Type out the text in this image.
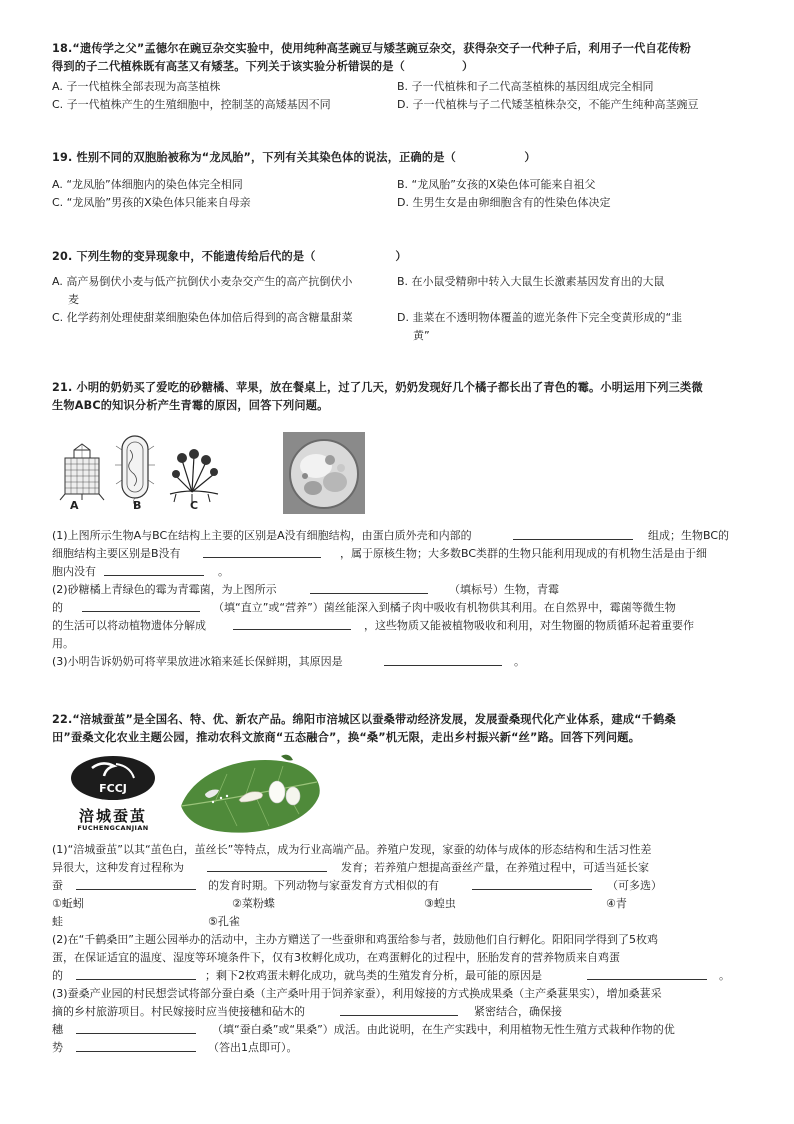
18.“遗传学之父”孟德尔在豌豆杂交实验中，使用纯种高茎豌豆与矮茎豌豆杂交，获得杂交子一代种子后，利用子一代自花传粉
得到的子二代植株既有高茎又有矮茎。下列关于该实验分析错误的是（　　　　　）
A. 子一代植株全部表现为高茎植株	B. 子一代植株和子二代高茎植株的基因组成完全相同
C. 子一代植株产生的生殖细胞中，控制茎的高矮基因不同	D. 子一代植株与子二代矮茎植株杂交，不能产生纯种高茎豌豆
19. 性别不同的双胞胎被称为“龙凤胎”，下列有关其染色体的说法，正确的是（　　　　　　）
A. “龙凤胎”体细胞内的染色体完全相同	B. “龙凤胎”女孩的X染色体可能来自祖父
C. “龙凤胎”男孩的X染色体只能来自母亲	D. 生男生女是由卵细胞含有的性染色体决定
20. 下列生物的变异现象中，不能遗传给后代的是（　　　　　　　）
A. 高产易倒伏小麦与低产抗倒伏小麦杂交产生的高产抗倒伏小
麦
B. 在小鼠受精卵中转入大鼠生长激素基因发育出的大鼠
C. 化学药剂处理使甜菜细胞染色体加倍后得到的高含糖量甜菜	D. 韭菜在不透明物体覆盖的遮光条件下完全变黄形成的“韭
黄”
21. 小明的奶奶买了爱吃的砂糖橘、苹果，放在餐桌上，过了几天，奶奶发现好几个橘子都长出了青色的霉。小明运用下列三类微
生物ABC的知识分析产生青霉的原因，回答下列问题。
A	B	C
(1)上图所示生物A与BC在结构上主要的区别是A没有细胞结构，由蛋白质外壳和内部的	组成；生物BC的
细胞结构主要区别是B没有	，属于原核生物；大多数BC类群的生物只能利用现成的有机物生活是由于细
胞内没有	。
(2)砂糖橘上青绿色的霉为青霉菌，为上图所示	（填标号）生物，青霉
的	（填“直立”或“营养”）菌丝能深入到橘子肉中吸收有机物供其利用。在自然界中，霉菌等微生物
的生活可以将动植物遗体分解成	，这些物质又能被植物吸收和利用，对生物圈的物质循环起着重要作
用。
(3)小明告诉奶奶可将苹果放进冰箱来延长保鲜期，其原因是	。
22.“涪城蚕茧”是全国名、特、优、新农产品。绵阳市涪城区以蚕桑带动经济发展，发展蚕桑现代化产业体系，建成“千鹤桑
田”蚕桑文化农业主题公园，推动农科文旅商“五态融合”，换“桑”机无限，走出乡村振兴新“丝”路。回答下列问题。
FCCJ
涪城蚕茧
FUCHENGCANJIAN
(1)“涪城蚕茧”以其“茧色白，茧丝长”等特点，成为行业高端产品。养殖户发现，家蚕的幼体与成体的形态结构和生活习性差
异很大，这种发育过程称为	发育；若养殖户想提高蚕丝产量，在养殖过程中，可适当延长家
蚕	的发育时期。下列动物与家蚕发育方式相似的有	（可多选）
①蚯蚓	②菜粉蝶	③蝗虫	④青
蛙	⑤孔雀
(2)在“千鹤桑田”主题公园举办的活动中，主办方赠送了一些蚕卵和鸡蛋给参与者，鼓励他们自行孵化。阳阳同学得到了5枚鸡
蛋，在保证适宜的温度、湿度等环境条件下，仅有3枚孵化成功，在鸡蛋孵化的过程中，胚胎发育的营养物质来自鸡蛋
的	；剩下2枚鸡蛋未孵化成功，就鸟类的生殖发育分析，最可能的原因是	。
(3)蚕桑产业园的村民想尝试将部分蚕白桑（主产桑叶用于饲养家蚕），利用嫁接的方式换成果桑（主产桑葚果实），增加桑葚采
摘的乡村旅游项目。村民嫁接时应当使接穗和砧木的	紧密结合，确保接
穗	（填“蚕白桑”或“果桑”）成活。由此说明，在生产实践中，利用植物无性生殖方式栽种作物的优
势	（答出1点即可）。
